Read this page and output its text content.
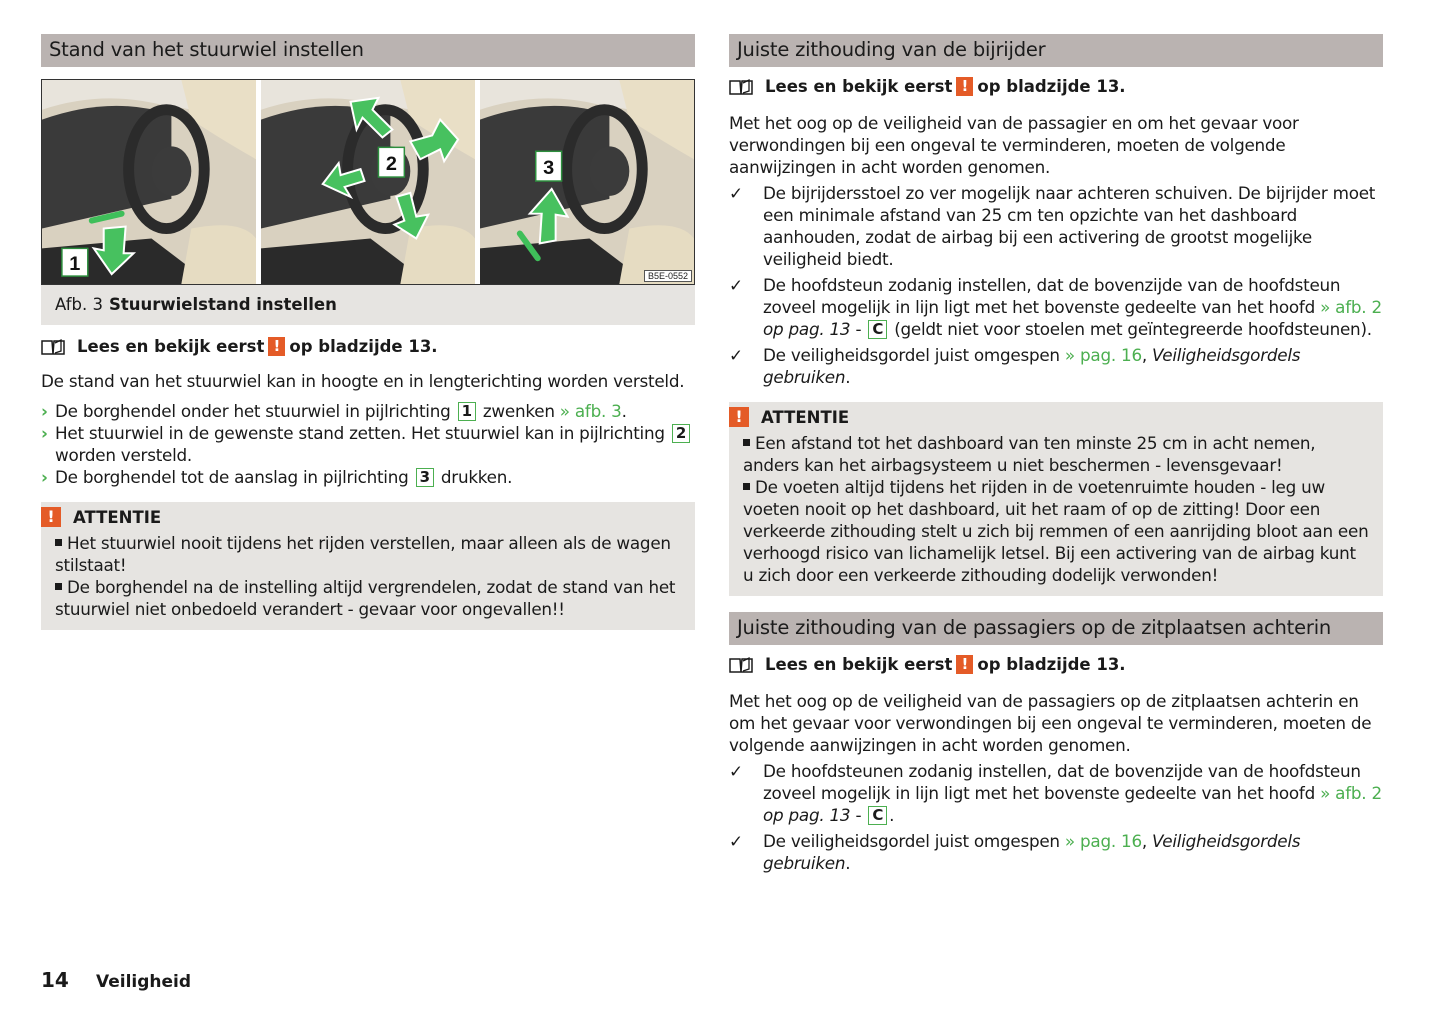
Stand van het stuurwiel instellen
1
2	3
B5E-0552
Afb. 3 Stuurwielstand instellen
Lees en bekijk eerst ! op bladzijde 13.

De stand van het stuurwiel kan in hoogte en in lengterichting worden versteld.

› De borghendel onder het stuurwiel in pijlrichting 1 zwenken » afb. 3.
› Het stuurwiel in de gewenste stand zetten. Het stuurwiel kan in pijlrichting 2 worden versteld.
› De borghendel tot de aanslag in pijlrichting 3 drukken.
!	ATTENTIE
Het stuurwiel nooit tijdens het rijden verstellen, maar alleen als de wagen stilstaat!
De borghendel na de instelling altijd vergrendelen, zodat de stand van het stuurwiel niet onbedoeld verandert - gevaar voor ongevallen!!
Juiste zithouding van de bijrijder
Lees en bekijk eerst ! op bladzijde 13.

Met het oog op de veiligheid van de passagier en om het gevaar voor verwondingen bij een ongeval te verminderen, moeten de volgende aanwijzingen in acht worden genomen.

✓ De bijrijdersstoel zo ver mogelijk naar achteren schuiven. De bijrijder moet een minimale afstand van 25 cm ten opzichte van het dashboard aanhouden, zodat de airbag bij een activering de grootst mogelijke veiligheid biedt.
✓ De hoofdsteun zodanig instellen, dat de bovenzijde van de hoofdsteun zoveel mogelijk in lijn ligt met het bovenste gedeelte van het hoofd » afb. 2 op pag. 13 - C (geldt niet voor stoelen met geïntegreerde hoofdsteunen).
✓ De veiligheidsgordel juist omgespen » pag. 16, Veiligheidsgordels gebruiken.
!	ATTENTIE
Een afstand tot het dashboard van ten minste 25 cm in acht nemen, anders kan het airbagsysteem u niet beschermen - levensgevaar!
De voeten altijd tijdens het rijden in de voetenruimte houden - leg uw voeten nooit op het dashboard, uit het raam of op de zitting! Door een verkeerde zithouding stelt u zich bij remmen of een aanrijding bloot aan een verhoogd risico van lichamelijk letsel. Bij een activering van de airbag kunt u zich door een verkeerde zithouding dodelijk verwonden!
Juiste zithouding van de passagiers op de zitplaatsen achterin
Lees en bekijk eerst ! op bladzijde 13.

Met het oog op de veiligheid van de passagiers op de zitplaatsen achterin en om het gevaar voor verwondingen bij een ongeval te verminderen, moeten de volgende aanwijzingen in acht worden genomen.

✓ De hoofdsteunen zodanig instellen, dat de bovenzijde van de hoofdsteun zoveel mogelijk in lijn ligt met het bovenste gedeelte van het hoofd » afb. 2 op pag. 13 - C .
✓ De veiligheidsgordel juist omgespen » pag. 16, Veiligheidsgordels gebruiken.
14	Veiligheid
